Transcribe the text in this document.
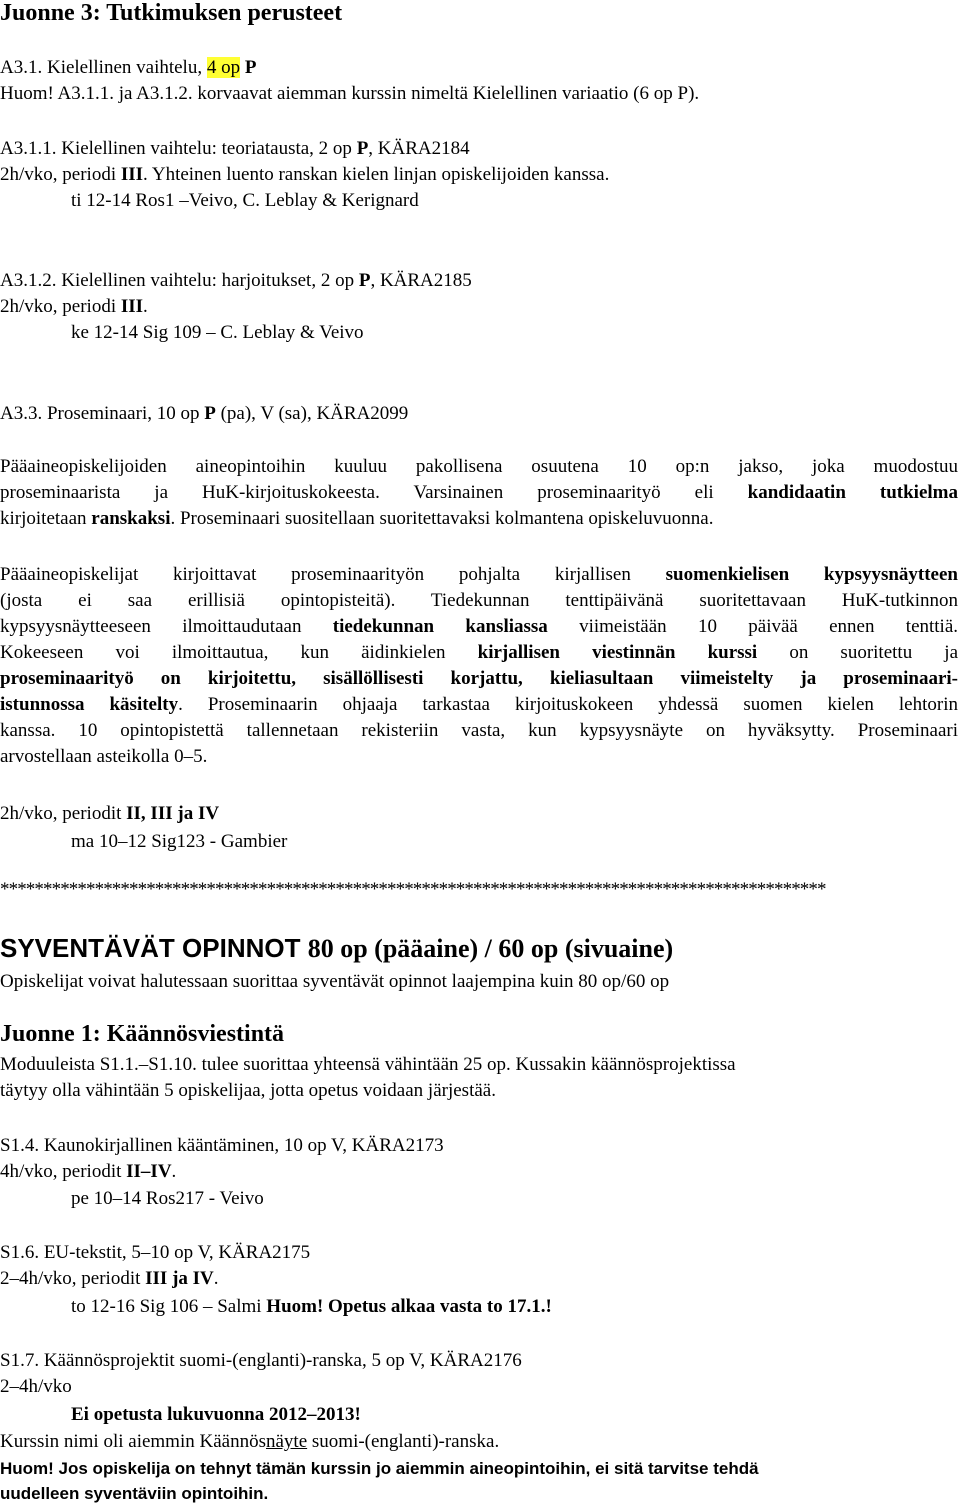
Juonne 3: Tutkimuksen perusteet
A3.1. Kielellinen vaihtelu, 4 op P
Huom! A3.1.1. ja A3.1.2. korvaavat aiemman kurssin nimeltä Kielellinen variaatio (6 op P).
A3.1.1. Kielellinen vaihtelu: teoriatausta, 2 op P, KÄRA2184
2h/vko, periodi III. Yhteinen luento ranskan kielen linjan opiskelijoiden kanssa.
ti 12-14 Ros1 –Veivo, C. Leblay & Kerignard
A3.1.2. Kielellinen vaihtelu: harjoitukset, 2 op P, KÄRA2185
2h/vko, periodi III.
ke 12-14 Sig 109 – C. Leblay & Veivo
A3.3. Proseminaari, 10 op P (pa), V (sa), KÄRA2099
Pääaineopiskelijoiden aineopintoihin kuuluu pakollisena osuutena 10 op:n jakso, joka muodostuu
proseminaarista ja HuK-kirjoituskokeesta. Varsinainen proseminaarityö eli kandidaatin tutkielma
kirjoitetaan ranskaksi. Proseminaari suositellaan suoritettavaksi kolmantena opiskeluvuonna.
Pääaineopiskelijat kirjoittavat proseminaarityön pohjalta kirjallisen suomenkielisen kypsyysnäytteen
(josta ei saa erillisiä opintopisteitä). Tiedekunnan tenttipäivänä suoritettavaan HuK-tutkinnon
kypsyysnäytteeseen ilmoittaudutaan tiedekunnan kansliassa viimeistään 10 päivää ennen tenttiä.
Kokeeseen voi ilmoittautua, kun äidinkielen kirjallisen viestinnän kurssi on suoritettu ja
proseminaarityö on kirjoitettu, sisällöllisesti korjattu, kieliasultaan viimeistelty ja proseminaari-
istunnossa käsitelty. Proseminaarin ohjaaja tarkastaa kirjoituskokeen yhdessä suomen kielen lehtorin
kanssa. 10 opintopistettä tallennetaan rekisteriin vasta, kun kypsyysnäyte on hyväksytty. Proseminaari
arvostellaan asteikolla 0–5.
2h/vko, periodit II, III ja IV
ma 10–12 Sig123 - Gambier
************************************************************************************************
SYVENTÄVÄT OPINNOT 80 op (pääaine) / 60 op (sivuaine)
Opiskelijat voivat halutessaan suorittaa syventävät opinnot laajempina kuin 80 op/60 op
Juonne 1: Käännösviestintä
Moduuleista S1.1.–S1.10. tulee suorittaa yhteensä vähintään 25 op. Kussakin käännösprojektissa
täytyy olla vähintään 5 opiskelijaa, jotta opetus voidaan järjestää.
S1.4. Kaunokirjallinen kääntäminen, 10 op V, KÄRA2173
4h/vko, periodit II–IV.
pe 10–14 Ros217 - Veivo
S1.6. EU-tekstit, 5–10 op V, KÄRA2175
2–4h/vko, periodit III ja IV.
to 12-16 Sig 106 – Salmi Huom! Opetus alkaa vasta to 17.1.!
S1.7. Käännösprojektit suomi-(englanti)-ranska, 5 op V, KÄRA2176
2–4h/vko
Ei opetusta lukuvuonna 2012–2013!
Kurssin nimi oli aiemmin Käännösnäyte suomi-(englanti)-ranska.
Huom! Jos opiskelija on tehnyt tämän kurssin jo aiemmin aineopintoihin, ei sitä tarvitse tehdä
uudelleen syventäviin opintoihin.
